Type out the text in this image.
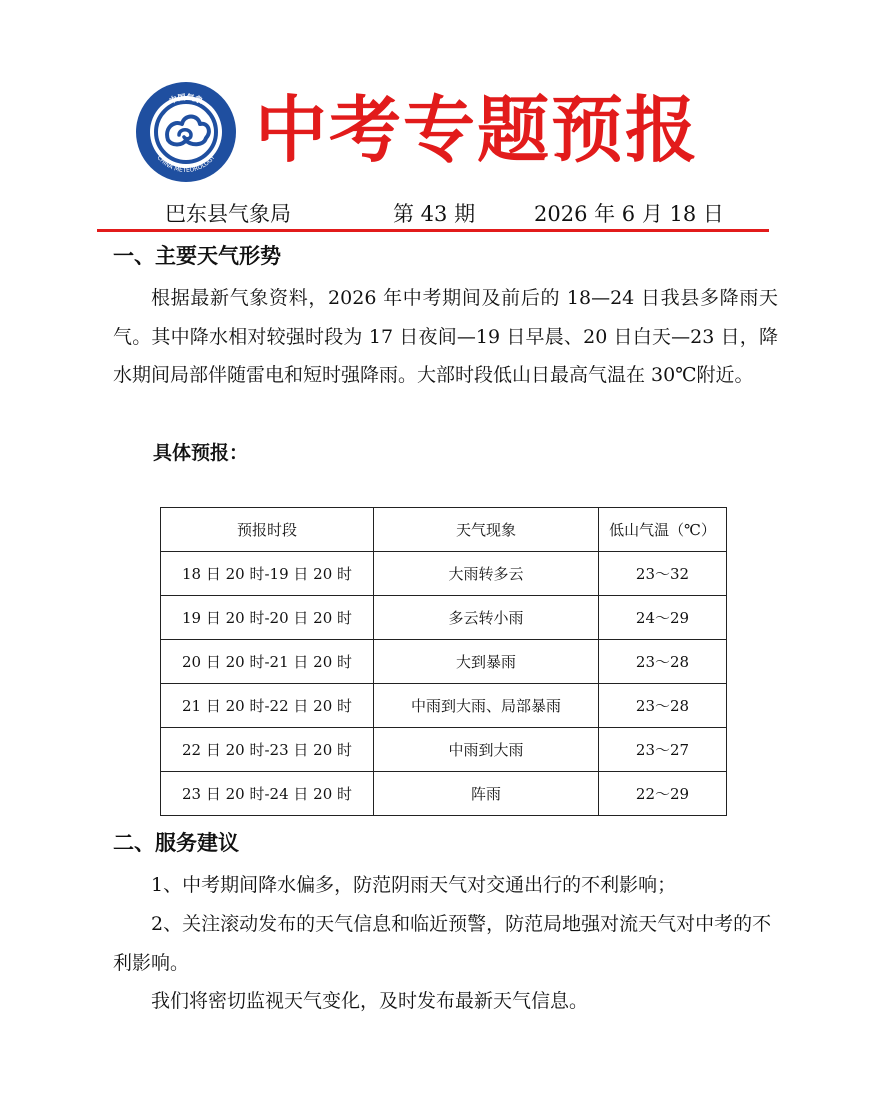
中国气象
CHINA METEOROLOGY 中考专题预报
巴东县气象局	第 43 期	2026 年 6 月 18 日
一、主要天气形势
根据最新气象资料，2026 年中考期间及前后的 18—24 日我县多降雨天气。其中降水相对较强时段为 17 日夜间—19 日早晨、20 日白天—23 日，降水期间局部伴随雷电和短时强降雨。大部时段低山日最高气温在 30℃附近。
具体预报：
预报时段	天气现象	低山气温（℃）
18 日 20 时-19 日 20 时	大雨转多云	23～32
19 日 20 时-20 日 20 时	多云转小雨	24～29
20 日 20 时-21 日 20 时	大到暴雨	23～28
21 日 20 时-22 日 20 时	中雨到大雨、局部暴雨	23～28
22 日 20 时-23 日 20 时	中雨到大雨	23～27
23 日 20 时-24 日 20 时	阵雨	22～29
二、服务建议
1、中考期间降水偏多，防范阴雨天气对交通出行的不利影响；
2、关注滚动发布的天气信息和临近预警，防范局地强对流天气对中考的不利影响。
我们将密切监视天气变化，及时发布最新天气信息。
